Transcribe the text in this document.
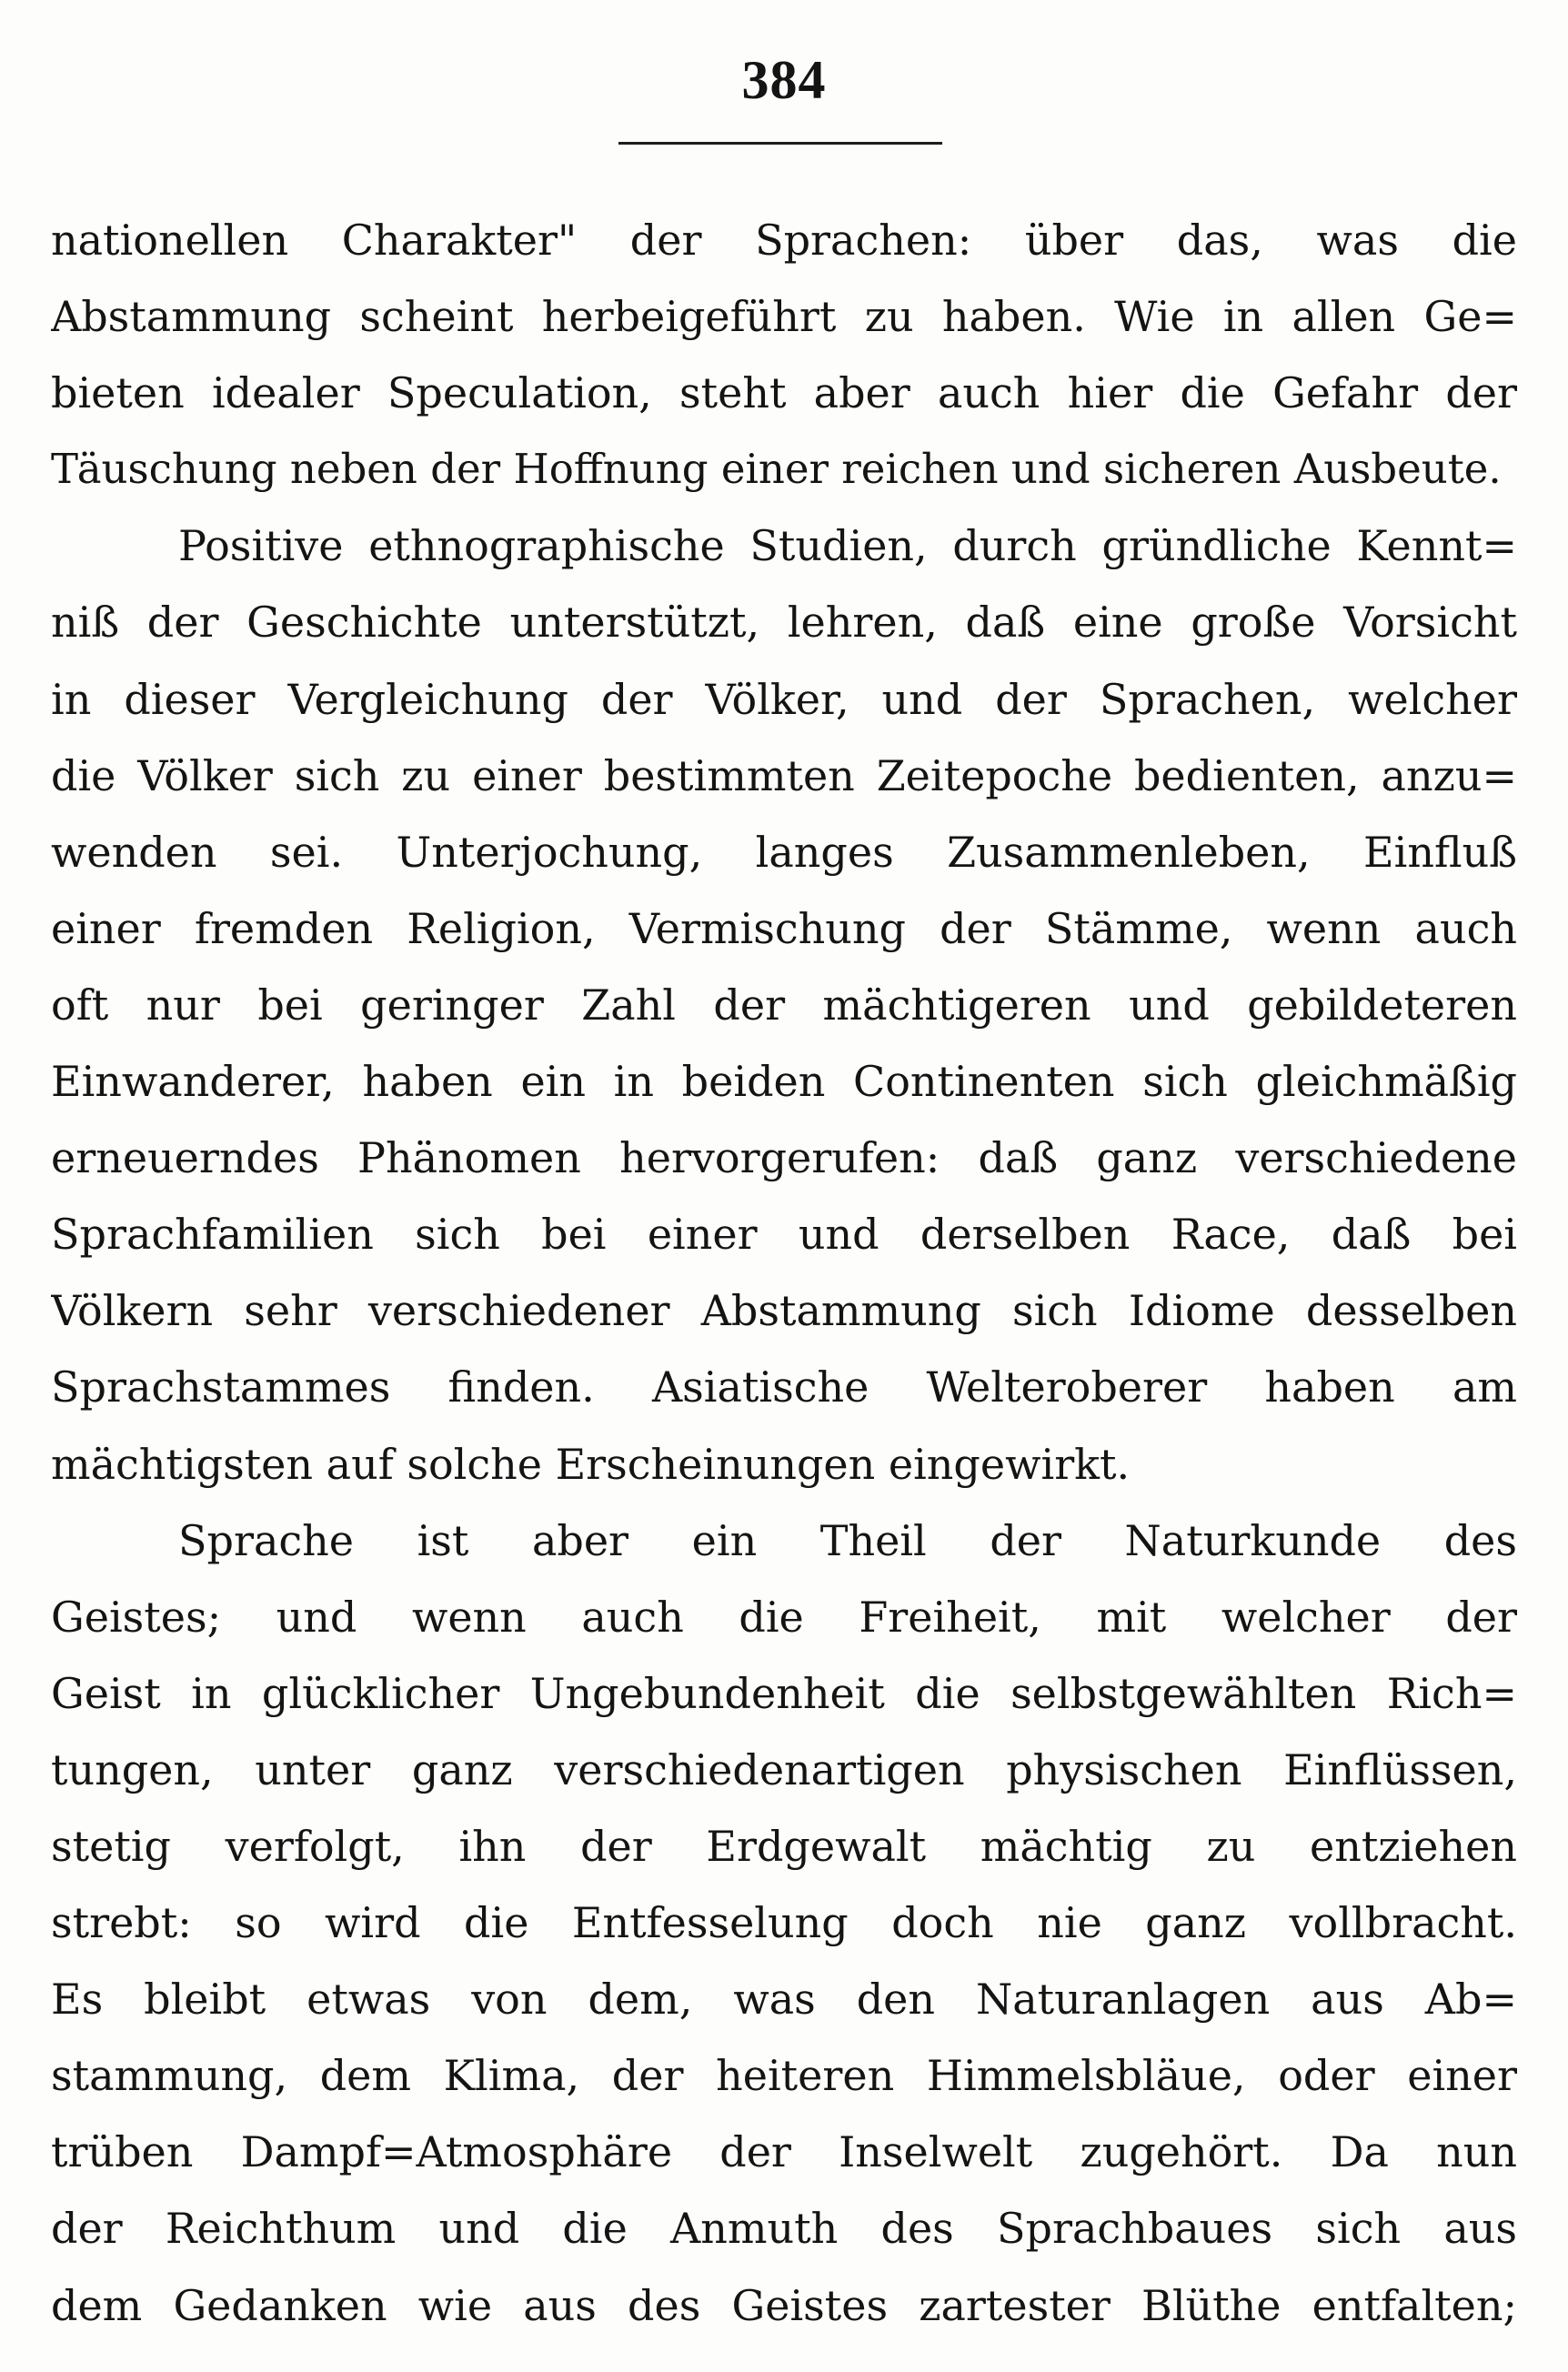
384
nationellen Charakter" der Sprachen: über das, was die
Abstammung scheint herbeigeführt zu haben. Wie in allen Ge=
bieten idealer Speculation, steht aber auch hier die Gefahr der
Täuschung neben der Hoffnung einer reichen und sicheren Ausbeute.
Positive ethnographische Studien, durch gründliche Kennt=
niß der Geschichte unterstützt, lehren, daß eine große Vorsicht
in dieser Vergleichung der Völker, und der Sprachen, welcher
die Völker sich zu einer bestimmten Zeitepoche bedienten, anzu=
wenden sei. Unterjochung, langes Zusammenleben, Einfluß
einer fremden Religion, Vermischung der Stämme, wenn auch
oft nur bei geringer Zahl der mächtigeren und gebildeteren
Einwanderer, haben ein in beiden Continenten sich gleichmäßig
erneuerndes Phänomen hervorgerufen: daß ganz verschiedene
Sprachfamilien sich bei einer und derselben Race, daß bei
Völkern sehr verschiedener Abstammung sich Idiome desselben
Sprachstammes finden. Asiatische Welteroberer haben am
mächtigsten auf solche Erscheinungen eingewirkt.
Sprache ist aber ein Theil der Naturkunde des
Geistes; und wenn auch die Freiheit, mit welcher der
Geist in glücklicher Ungebundenheit die selbstgewählten Rich=
tungen, unter ganz verschiedenartigen physischen Einflüssen,
stetig verfolgt, ihn der Erdgewalt mächtig zu entziehen
strebt: so wird die Entfesselung doch nie ganz vollbracht.
Es bleibt etwas von dem, was den Naturanlagen aus Ab=
stammung, dem Klima, der heiteren Himmelsbläue, oder einer
trüben Dampf=Atmosphäre der Inselwelt zugehört. Da nun
der Reichthum und die Anmuth des Sprachbaues sich aus
dem Gedanken wie aus des Geistes zartester Blüthe entfalten;
